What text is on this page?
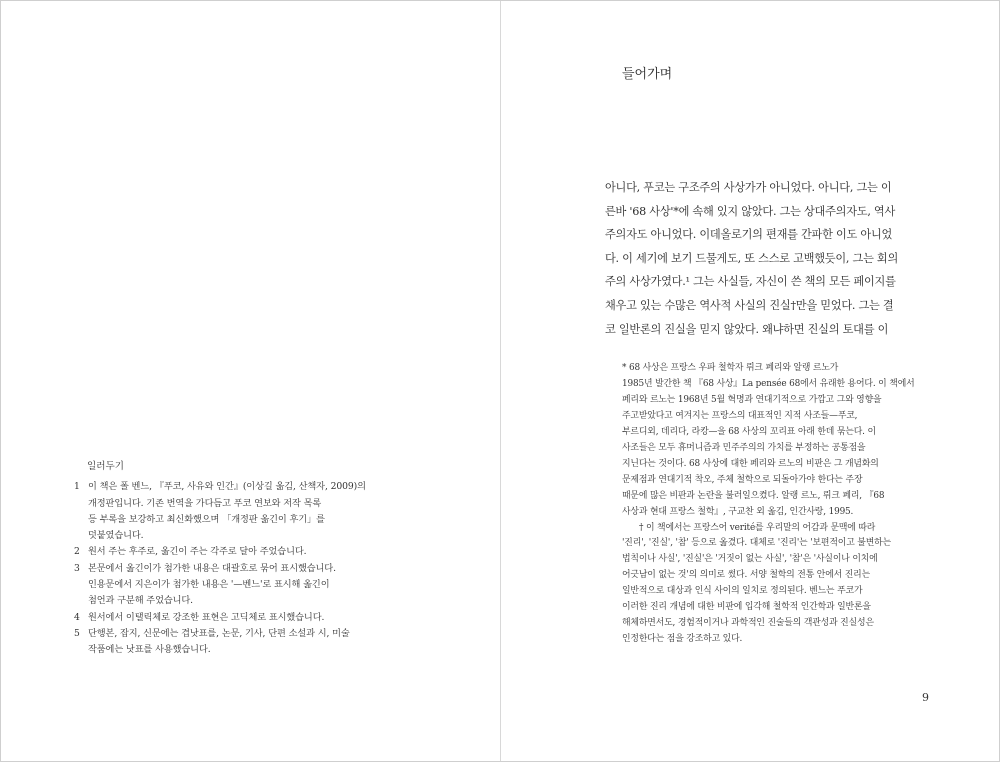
일러두기
1 이 책은 폴 벤느, 『푸코, 사유와 인간』(이상길 옮김, 산책자, 2009)의
개정판입니다. 기존 번역을 가다듬고 푸코 연보와 저작 목록
등 부록을 보강하고 최신화했으며 「개정판 옮긴이 후기」를
덧붙였습니다.
2 원서 주는 후주로, 옮긴이 주는 각주로 달아 주었습니다.
3 본문에서 옮긴이가 첨가한 내용은 대괄호로 묶어 표시했습니다.
인용문에서 지은이가 첨가한 내용은 '—벤느'로 표시해 옮긴이
첨언과 구분해 주었습니다.
4 원서에서 이탤릭체로 강조한 표현은 고딕체로 표시했습니다.
5 단행본, 잡지, 신문에는 겹낫표를, 논문, 기사, 단편 소설과 시, 미술
작품에는 낫표를 사용했습니다.
들어가며
아니다, 푸코는 구조주의 사상가가 아니었다. 아니다, 그는 이
른바 '68 사상'*에 속해 있지 않았다. 그는 상대주의자도, 역사
주의자도 아니었다. 이데올로기의 편재를 간파한 이도 아니었
다. 이 세기에 보기 드물게도, 또 스스로 고백했듯이, 그는 회의
주의 사상가였다.¹ 그는 사실들, 자신이 쓴 책의 모든 페이지를
채우고 있는 수많은 역사적 사실의 진실†만을 믿었다. 그는 결
코 일반론의 진실을 믿지 않았다. 왜냐하면 진실의 토대를 이
* 68 사상은 프랑스 우파 철학자 뤼크 페리와 알랭 르노가
1985년 발간한 책 『68 사상』La pensée 68에서 유래한 용어다. 이 책에서
페리와 르노는 1968년 5월 혁명과 연대기적으로 가깝고 그와 영향을
주고받았다고 여겨지는 프랑스의 대표적인 지적 사조들—푸코,
부르디외, 데리다, 라캉—을 68 사상의 꼬리표 아래 한데 묶는다. 이
사조들은 모두 휴머니즘과 민주주의의 가치를 부정하는 공통점을
지닌다는 것이다. 68 사상에 대한 페리와 르노의 비판은 그 개념화의
문제점과 연대기적 착오, 주체 철학으로 되돌아가야 한다는 주장
때문에 많은 비판과 논란을 불러일으켰다. 알랭 르노, 뤼크 페리, 『68
사상과 현대 프랑스 철학』, 구교찬 외 옮김, 인간사랑, 1995.
† 이 책에서는 프랑스어 verité를 우리말의 어감과 문맥에 따라
'진리', '진실', '참' 등으로 옮겼다. 대체로 '진리'는 '보편적이고 불변하는
법칙이나 사실', '진실'은 '거짓이 없는 사실', '참'은 '사실이나 이치에
어긋남이 없는 것'의 의미로 썼다. 서양 철학의 전통 안에서 진리는
일반적으로 대상과 인식 사이의 일치로 정의된다. 벤느는 푸코가
이러한 진리 개념에 대한 비판에 입각해 철학적 인간학과 일반론을
해체하면서도, 경험적이거나 과학적인 진술들의 객관성과 진실성은
인정한다는 점을 강조하고 있다.
9
